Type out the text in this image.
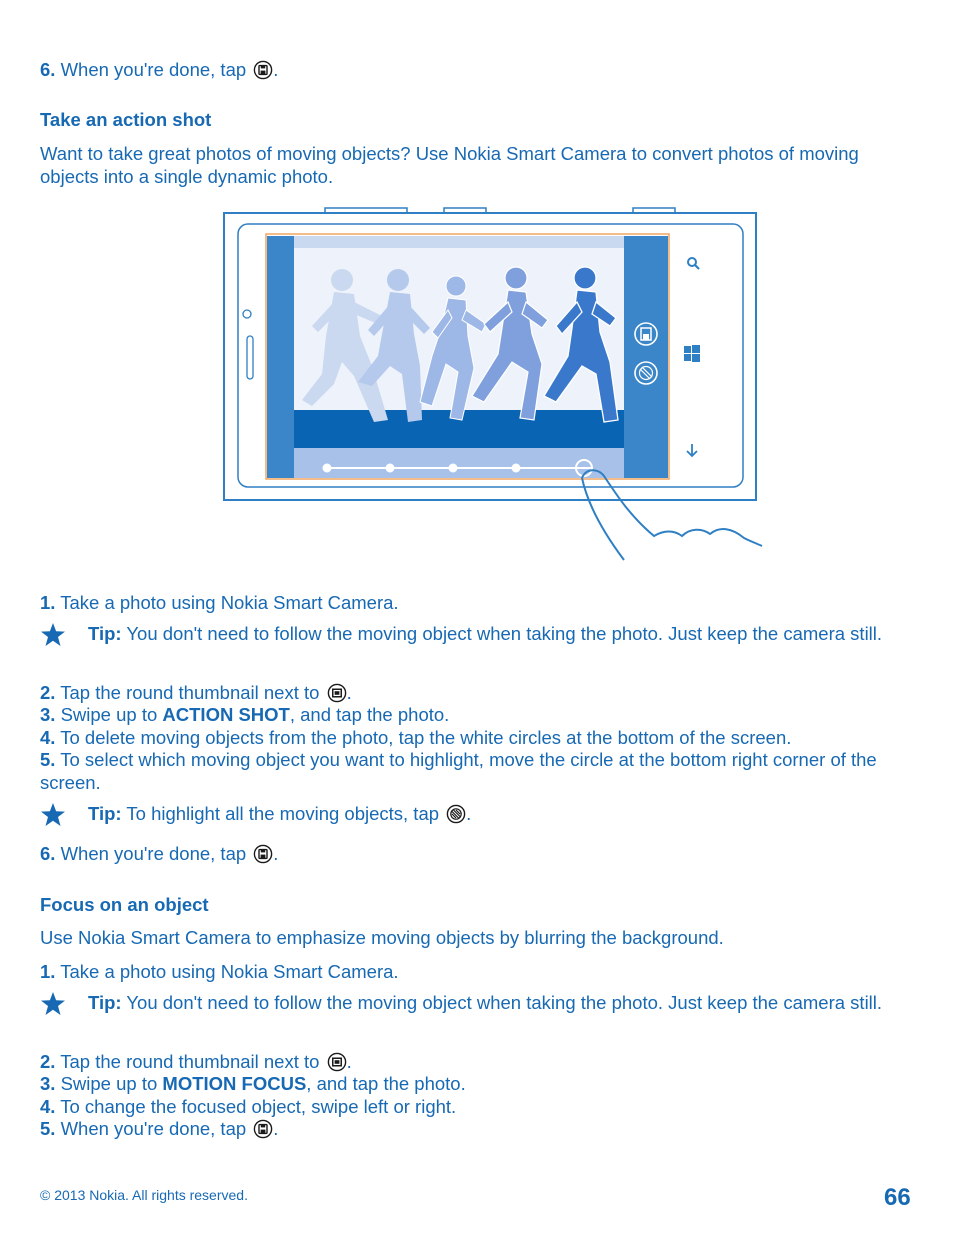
6. When you're done, tap .
Take an action shot
Want to take great photos of moving objects? Use Nokia Smart Camera to convert photos of moving objects into a single dynamic photo.
1. Take a photo using Nokia Smart Camera.
Tip: You don't need to follow the moving object when taking the photo. Just keep the camera still.
2. Tap the round thumbnail next to .
3. Swipe up to ACTION SHOT, and tap the photo.
4. To delete moving objects from the photo, tap the white circles at the bottom of the screen.
5. To select which moving object you want to highlight, move the circle at the bottom right corner of the screen.
Tip: To highlight all the moving objects, tap .
6. When you're done, tap .
Focus on an object
Use Nokia Smart Camera to emphasize moving objects by blurring the background.
1. Take a photo using Nokia Smart Camera.
Tip: You don't need to follow the moving object when taking the photo. Just keep the camera still.
2. Tap the round thumbnail next to .
3. Swipe up to MOTION FOCUS, and tap the photo.
4. To change the focused object, swipe left or right.
5. When you're done, tap .
© 2013 Nokia. All rights reserved.	66
